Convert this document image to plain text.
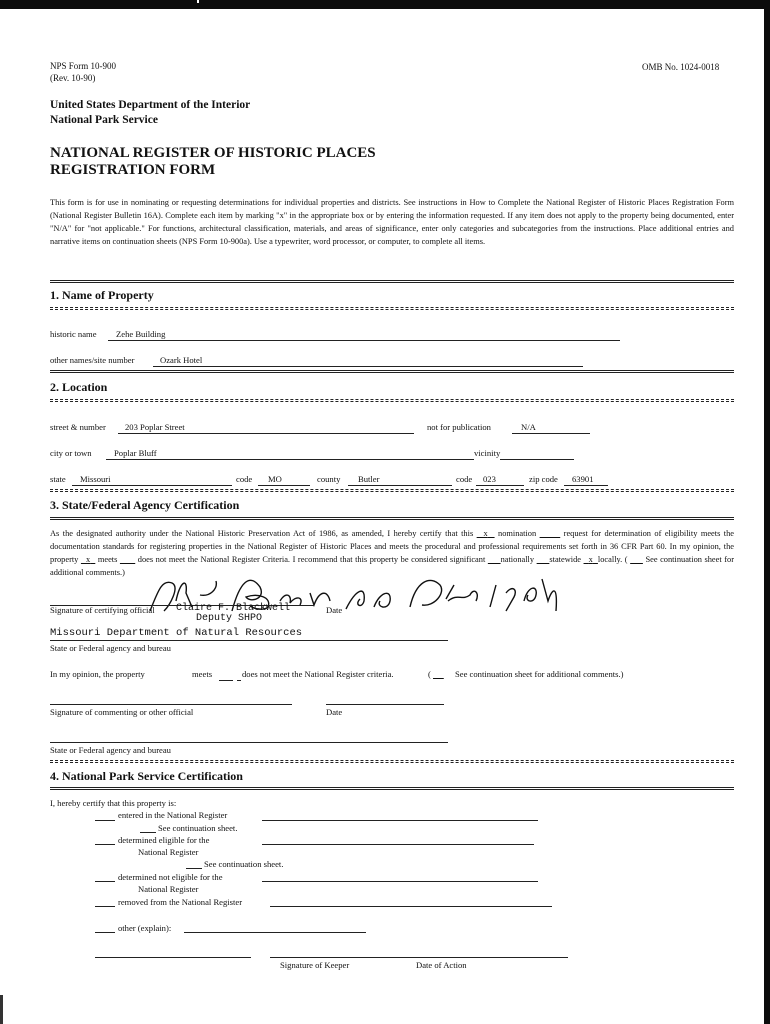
NPS Form 10-900
(Rev. 10-90)
OMB No. 1024-0018
United States Department of the Interior
National Park Service
NATIONAL REGISTER OF HISTORIC PLACES
REGISTRATION FORM
This form is for use in nominating or requesting determinations for individual properties and districts. See instructions in How to Complete the National Register of Historic Places Registration Form (National Register Bulletin 16A). Complete each item by marking "x" in the appropriate box or by entering the information requested. If any item does not apply to the property being documented, enter "N/A" for "not applicable." For functions, architectural classification, materials, and areas of significance, enter only categories and subcategories from the instructions. Place additional entries and narrative items on continuation sheets (NPS Form 10-900a). Use a typewriter, word processor, or computer, to complete all items.
1. Name of Property
historic name Zehe Building
other names/site number	Ozark Hotel
2. Location
street & number 203 Poplar Street	not for publication	N/A
city or town	Poplar Bluff	vicinity
state Missouri	code MO	county Butler	code 023	zip code 63901
3. State/Federal Agency Certification
As the designated authority under the National Historic Preservation Act of 1986, as amended, I hereby certify that this x nomination	request for determination of eligibility meets the documentation standards for registering properties in the National Register of Historic Places and meets the procedural and professional requirements set forth in 36 CFR Part 60. In my opinion, the property x meets does not meet the National Register Criteria. I recommend that this property be considered significant nationally statewide x locally. (       See continuation sheet for additional comments.)
Signature of certifying official	Date
Claire F. Blackwell
Deputy SHPO
Missouri Department of Natural Resources
State or Federal agency and bureau
In my opinion, the property	meets	does not meet the National Register criteria.	(	See continuation sheet for additional comments.)
Signature of commenting or other official	Date
State or Federal agency and bureau
4. National Park Service Certification
I, hereby certify that this property is:
entered in the National Register
See continuation sheet.
determined eligible for the
National Register
See continuation sheet.
determined not eligible for the
National Register
removed from the National Register
other (explain):
Signature of Keeper	Date of Action
